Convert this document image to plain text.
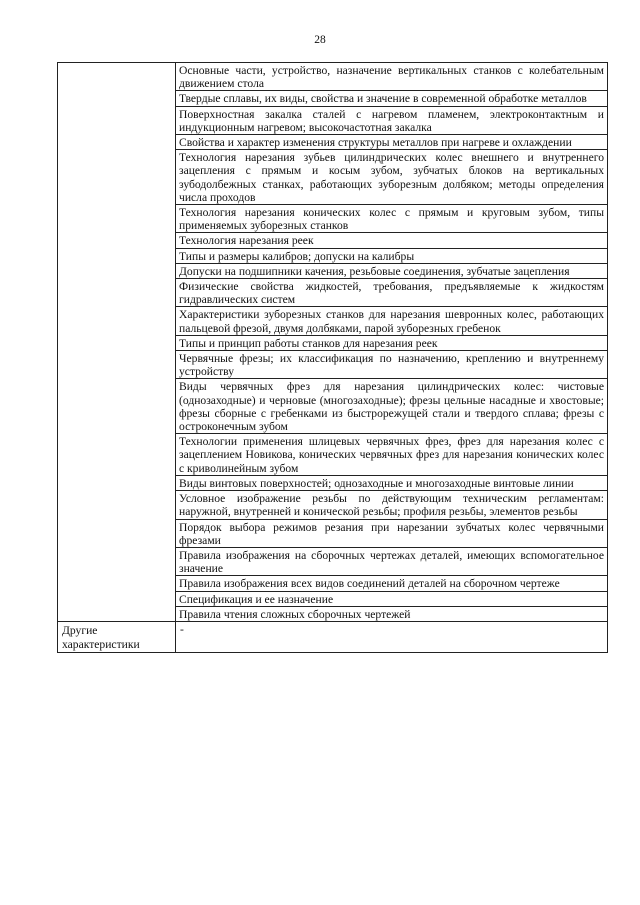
28
	Основные части, устройство, назначение вертикальных станков с колебательным движением стола
	Твердые сплавы, их виды, свойства и значение в современной обработке металлов
	Поверхностная закалка сталей с нагревом пламенем, электроконтактным и индукционным нагревом; высокочастотная закалка
	Свойства и характер изменения структуры металлов при нагреве и охлаждении
	Технология нарезания зубьев цилиндрических колес внешнего и внутреннего зацепления с прямым и косым зубом, зубчатых блоков на вертикальных зубодолбежных станках, работающих зуборезным долбяком; методы определения числа проходов
	Технология нарезания конических колес с прямым и круговым зубом, типы применяемых зуборезных станков
	Технология нарезания реек
	Типы и размеры калибров; допуски на калибры
	Допуски на подшипники качения, резьбовые соединения, зубчатые зацепления
	Физические свойства жидкостей, требования, предъявляемые к жидкостям гидравлических систем
	Характеристики зуборезных станков для нарезания шевронных колес, работающих пальцевой фрезой, двумя долбяками, парой зуборезных гребенок
	Типы и принцип работы станков для нарезания реек
	Червячные фрезы; их классификация по назначению, креплению и внутреннему устройству
	Виды червячных фрез для нарезания цилиндрических колес: чистовые (однозаходные) и черновые (многозаходные); фрезы цельные насадные и хвостовые; фрезы сборные с гребенками из быстрорежущей стали и твердого сплава; фрезы с остроконечным зубом
	Технологии применения шлицевых червячных фрез, фрез для нарезания колес с зацеплением Новикова, конических червячных фрез для нарезания конических колес с криволинейным зубом
	Виды винтовых поверхностей; однозаходные и многозаходные винтовые линии
	Условное изображение резьбы по действующим техническим регламентам: наружной, внутренней и конической резьбы; профиля резьбы, элементов резьбы
	Порядок выбора режимов резания при нарезании зубчатых колес червячными фрезами
	Правила изображения на сборочных чертежах деталей, имеющих вспомогательное значение
	Правила изображения всех видов соединений деталей на сборочном чертеже
	Спецификация и ее назначение
	Правила чтения сложных сборочных чертежей

Другие
характеристики	-
